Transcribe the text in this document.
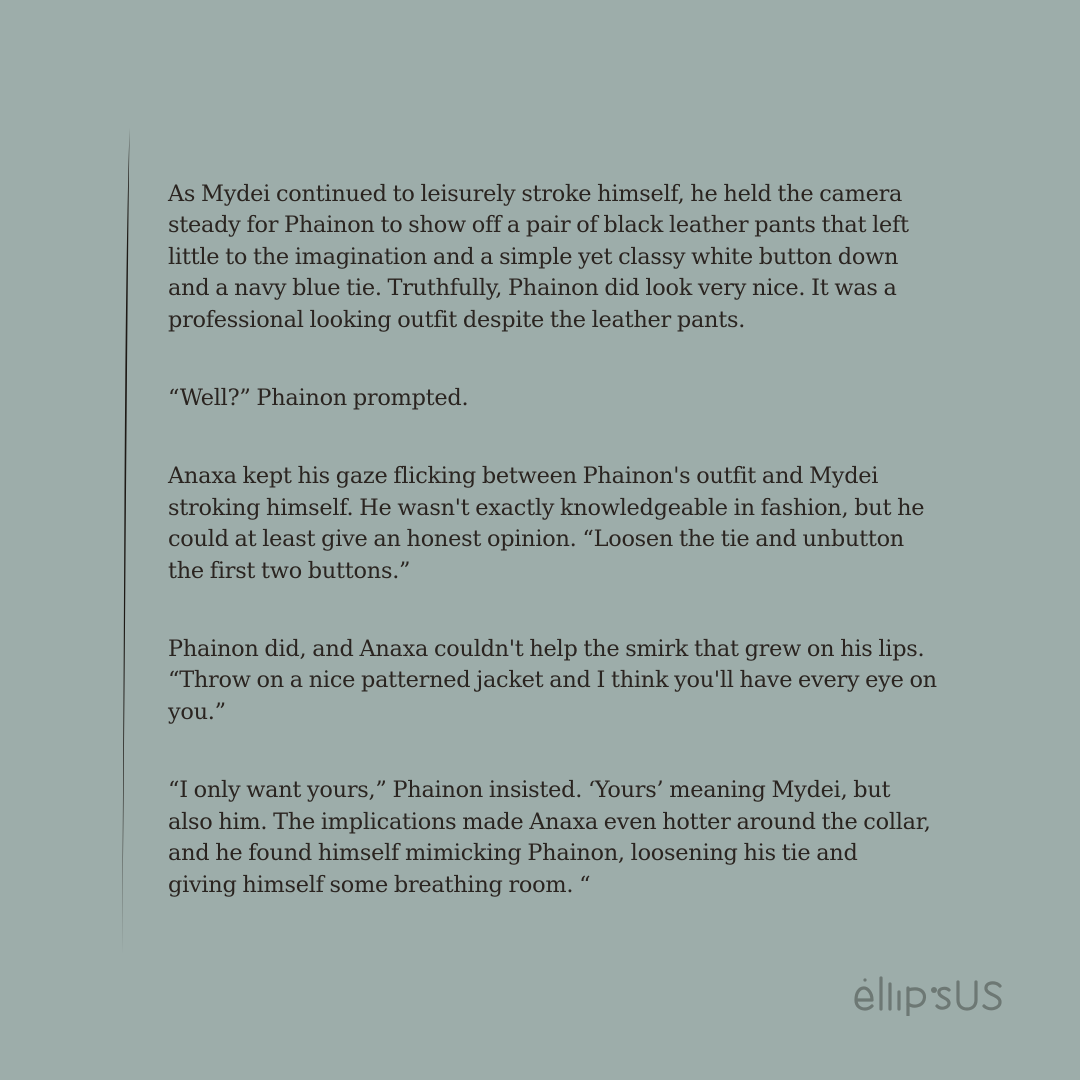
As Mydei continued to leisurely stroke himself, he held the camera
steady for Phainon to show off a pair of black leather pants that left
little to the imagination and a simple yet classy white button down
and a navy blue tie. Truthfully, Phainon did look very nice. It was a
professional looking outfit despite the leather pants.

“Well?” Phainon prompted.

Anaxa kept his gaze flicking between Phainon's outfit and Mydei
stroking himself. He wasn't exactly knowledgeable in fashion, but he
could at least give an honest opinion. “Loosen the tie and unbutton
the first two buttons.”

Phainon did, and Anaxa couldn't help the smirk that grew on his lips.
“Throw on a nice patterned jacket and I think you'll have every eye on
you.”

“I only want yours,” Phainon insisted. ‘Yours’ meaning Mydei, but
also him. The implications made Anaxa even hotter around the collar,
and he found himself mimicking Phainon, loosening his tie and
giving himself some breathing room. “
